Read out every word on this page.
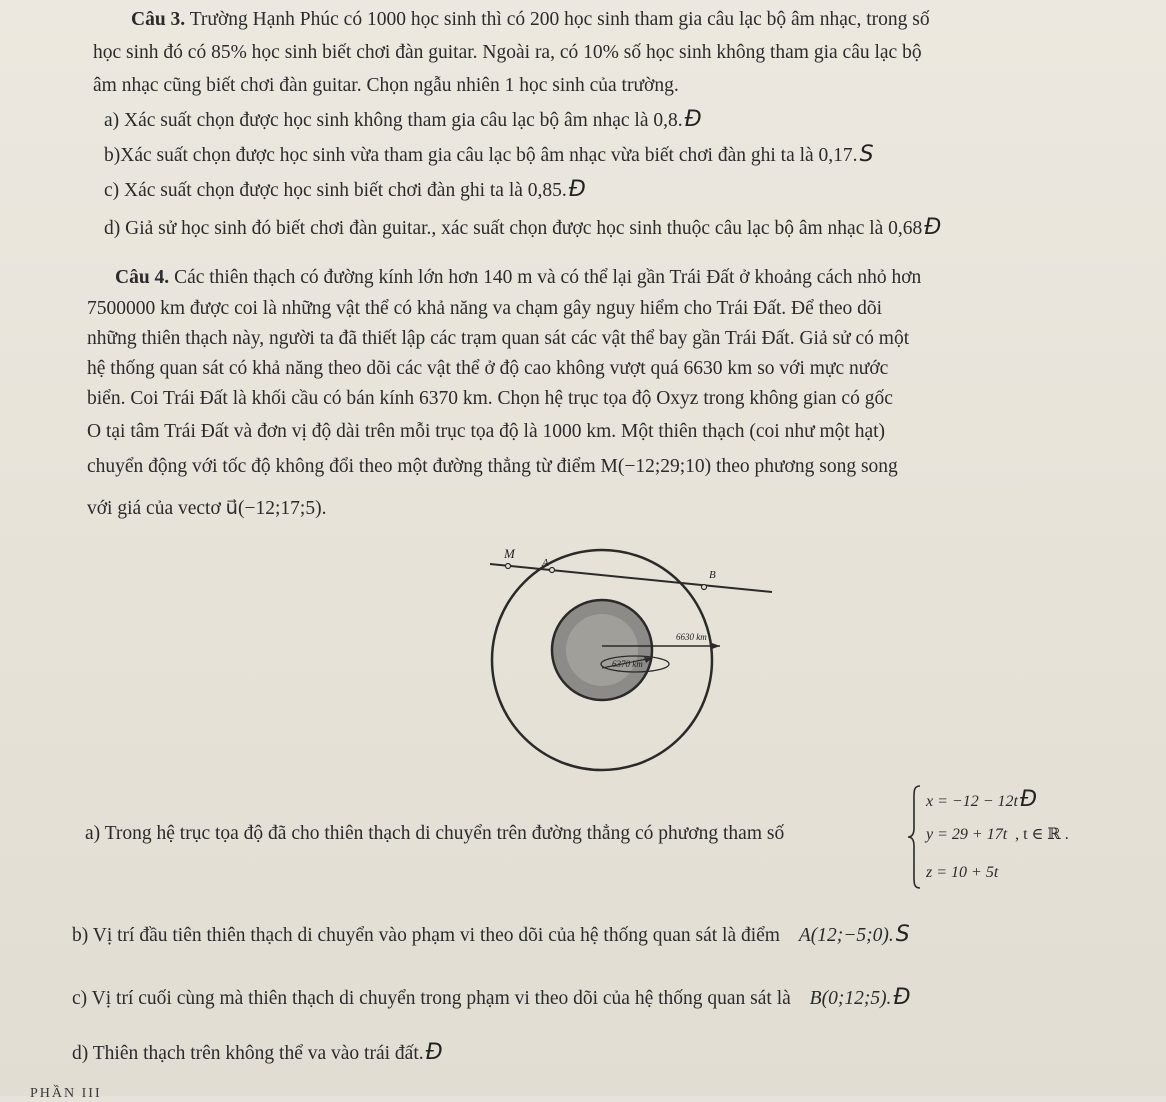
Câu 3. Trường Hạnh Phúc có 1000 học sinh thì có 200 học sinh tham gia câu lạc bộ âm nhạc, trong số
học sinh đó có 85% học sinh biết chơi đàn guitar. Ngoài ra, có 10% số học sinh không tham gia câu lạc bộ
âm nhạc cũng biết chơi đàn guitar. Chọn ngẫu nhiên 1 học sinh của trường.
a) Xác suất chọn được học sinh không tham gia câu lạc bộ âm nhạc là 0,8.Đ
b)Xác suất chọn được học sinh vừa tham gia câu lạc bộ âm nhạc vừa biết chơi đàn ghi ta là 0,17.S
c) Xác suất chọn được học sinh biết chơi đàn ghi ta là 0,85.Đ
d) Giả sử học sinh đó biết chơi đàn guitar., xác suất chọn được học sinh thuộc câu lạc bộ âm nhạc là 0,68Đ
Câu 4. Các thiên thạch có đường kính lớn hơn 140 m và có thể lại gần Trái Đất ở khoảng cách nhỏ hơn
7500000 km được coi là những vật thể có khả năng va chạm gây nguy hiểm cho Trái Đất. Để theo dõi
những thiên thạch này, người ta đã thiết lập các trạm quan sát các vật thể bay gần Trái Đất. Giả sử có một
hệ thống quan sát có khả năng theo dõi các vật thể ở độ cao không vượt quá 6630 km so với mực nước
biển. Coi Trái Đất là khối cầu có bán kính 6370 km. Chọn hệ trục tọa độ Oxyz trong không gian có gốc
O tại tâm Trái Đất và đơn vị độ dài trên mỗi trục tọa độ là 1000 km. Một thiên thạch (coi như một hạt)
chuyển động với tốc độ không đổi theo một đường thẳng từ điểm M(−12;29;10) theo phương song song
với giá của vectơ u⃗(−12;17;5).
M
A
B
6630 km
6370 km
a) Trong hệ trục tọa độ đã cho thiên thạch di chuyển trên đường thẳng có phương tham số
x = −12 − 12tĐ
y = 29 + 17t , t ∈ ℝ .
z = 10 + 5t
b) Vị trí đầu tiên thiên thạch di chuyển vào phạm vi theo dõi của hệ thống quan sát là điểm A(12;−5;0).S
c) Vị trí cuối cùng mà thiên thạch di chuyển trong phạm vi theo dõi của hệ thống quan sát là B(0;12;5).Đ
d) Thiên thạch trên không thể va vào trái đất.Đ
PHẦN III
